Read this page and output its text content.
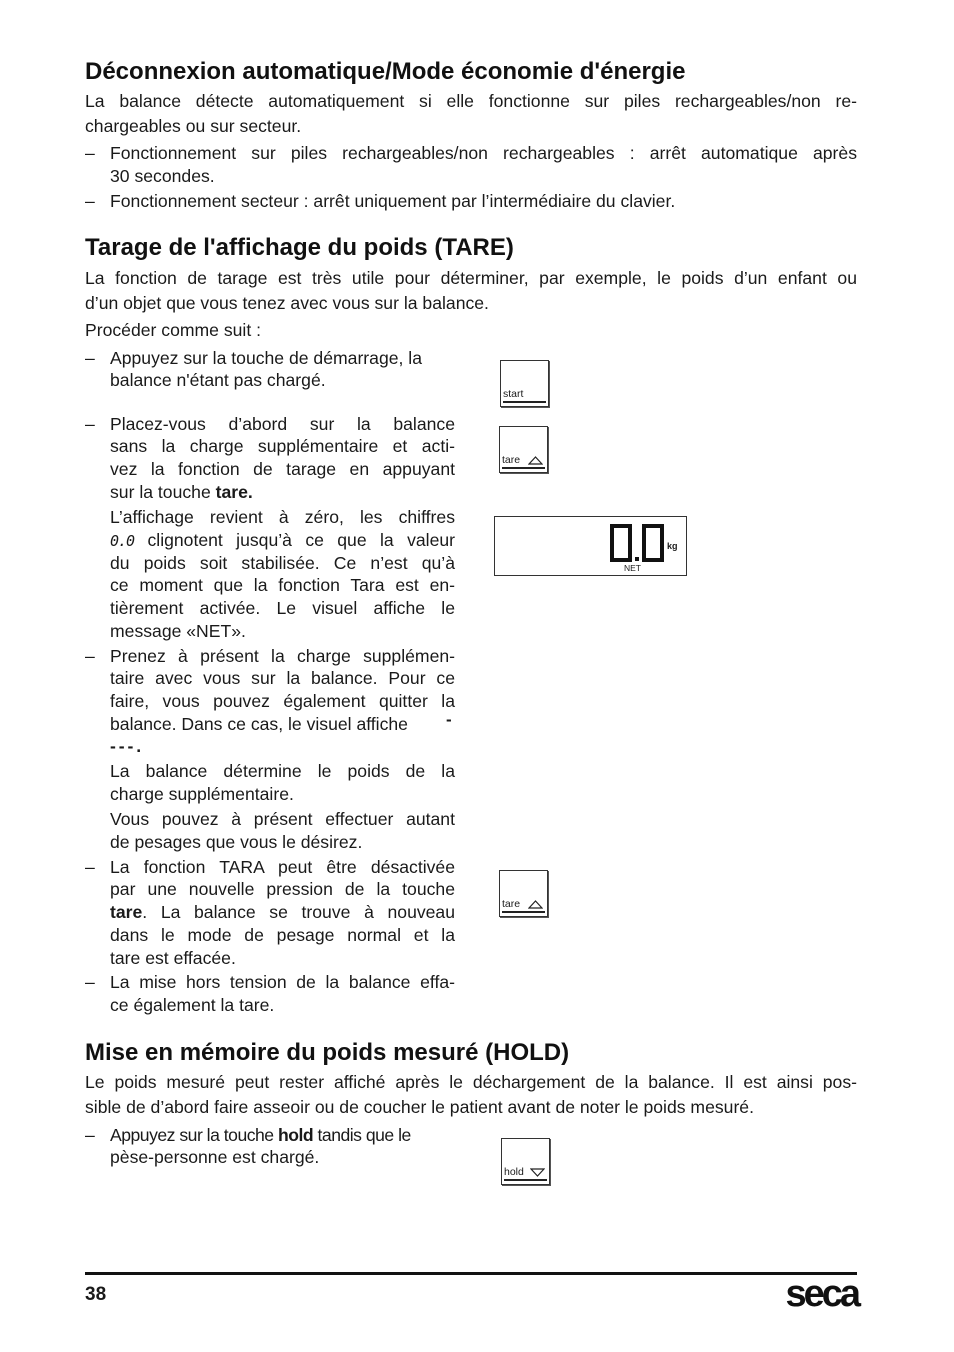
Déconnexion automatique/Mode économie d'énergie

La balance détecte automatiquement si elle fonctionne sur piles rechargeables/non re-

chargeables ou sur secteur.

– Fonctionnement sur piles rechargeables/non rechargeables : arrêt automatique après

30 secondes.

– Fonctionnement secteur : arrêt uniquement par l’intermédiaire du clavier.

Tarage de l'affichage du poids (TARE)

La fonction de tarage est très utile pour déterminer, par exemple, le poids d’un enfant ou

d’un objet que vous tenez avec vous sur la balance.

Procéder comme suit :

– Appuyez sur la touche de démarrage, la

balance n'étant pas chargé.

– Placez-vous d’abord sur la balance

sans la charge supplémentaire et acti-

vez la fonction de tarage en appuyant

sur la touche tare.

L’affichage revient à zéro, les chiffres

0.0 clignotent jusqu’à ce que la valeur

du poids soit stabilisée. Ce n’est qu’à

ce moment que la fonction Tara est en-

tièrement activée. Le visuel affiche le

message «NET».

– Prenez à présent la charge supplémen-

taire avec vous sur la balance. Pour ce

faire, vous pouvez également quitter la

balance. Dans ce cas, le visuel affiche -

- - - .

La balance détermine le poids de la

charge supplémentaire.

Vous pouvez à présent effectuer autant

de pesages que vous le désirez.

– La fonction TARA peut être désactivée

par une nouvelle pression de la touche

tare. La balance se trouve à nouveau

dans le mode de pesage normal et la

tare est effacée.

– La mise hors tension de la balance effa-

ce également la tare.

Mise en mémoire du poids mesuré (HOLD)

Le poids mesuré peut rester affiché après le déchargement de la balance. Il est ainsi pos-

sible de d’abord faire asseoir ou de coucher le patient avant de noter le poids mesuré.

– Appuyez sur la touche hold tandis que le

pèse-personne est chargé.

start
tare
kg
NET
tare
hold
38	seca
